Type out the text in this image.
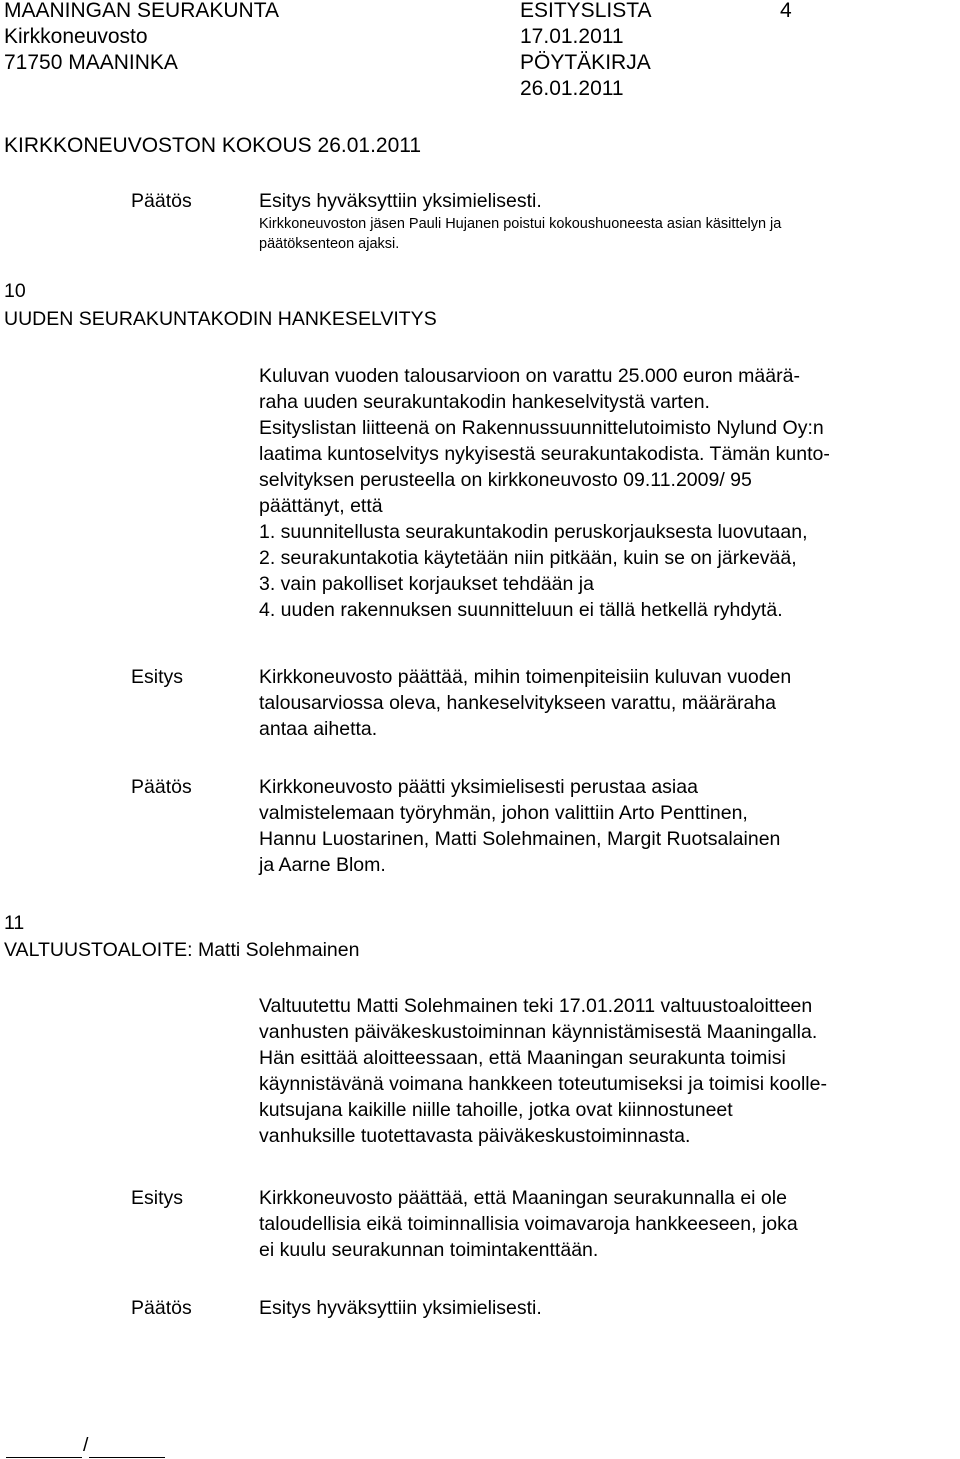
MAANINGAN SEURAKUNTA
Kirkkoneuvosto
71750 MAANINKA
ESITYSLISTA
17.01.2011
PÖYTÄKIRJA
26.01.2011
4
KIRKKONEUVOSTON KOKOUS 26.01.2011
Päätös	Esitys hyväksyttiin yksimielisesti.
Kirkkoneuvoston jäsen Pauli Hujanen poistui kokoushuoneesta asian käsittelyn ja
päätöksenteon ajaksi.
10
UUDEN SEURAKUNTAKODIN HANKESELVITYS
Kuluvan vuoden talousarvioon on varattu 25.000 euron määrä-
raha uuden seurakuntakodin hankeselvitystä varten.
Esityslistan liitteenä on Rakennussuunnittelutoimisto Nylund Oy:n
laatima kuntoselvitys nykyisestä seurakuntakodista. Tämän kunto-
selvityksen perusteella on kirkkoneuvosto 09.11.2009/ 95
päättänyt, että
1. suunnitellusta seurakuntakodin peruskorjauksesta luovutaan,
2. seurakuntakotia käytetään niin pitkään, kuin se on järkevää,
3. vain pakolliset korjaukset tehdään ja
4. uuden rakennuksen suunnitteluun ei tällä hetkellä ryhdytä.
Esitys	Kirkkoneuvosto päättää, mihin toimenpiteisiin kuluvan vuoden
talousarviossa oleva, hankeselvitykseen varattu, määräraha
antaa aihetta.
Päätös	Kirkkoneuvosto päätti yksimielisesti perustaa asiaa
valmistelemaan työryhmän, johon valittiin Arto Penttinen,
Hannu Luostarinen, Matti Solehmainen, Margit Ruotsalainen
ja Aarne Blom.
11
VALTUUSTOALOITE: Matti Solehmainen
Valtuutettu Matti Solehmainen teki 17.01.2011 valtuustoaloitteen
vanhusten päiväkeskustoiminnan käynnistämisestä Maaningalla.
Hän esittää aloitteessaan, että Maaningan seurakunta toimisi
käynnistävänä voimana hankkeen toteutumiseksi ja toimisi koolle-
kutsujana kaikille niille tahoille, jotka ovat kiinnostuneet
vanhuksille tuotettavasta päiväkeskustoiminnasta.
Esitys	Kirkkoneuvosto päättää, että Maaningan seurakunnalla ei ole
taloudellisia eikä toiminnallisia voimavaroja hankkeeseen, joka
ei kuulu seurakunnan toimintakenttään.
Päätös	Esitys hyväksyttiin yksimielisesti.
/
